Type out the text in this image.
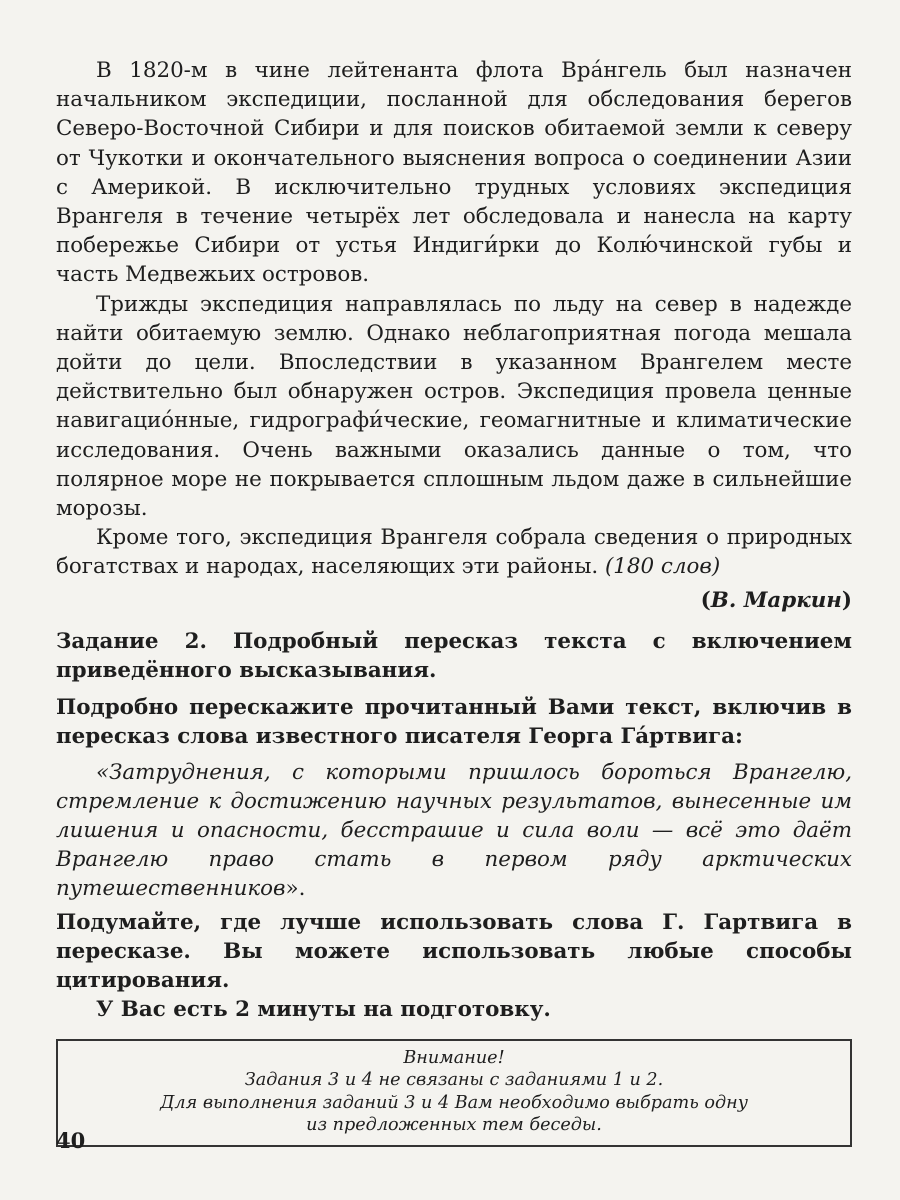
В 1820-м в чине лейтенанта флота Вра́нгель был назначен начальником экспедиции, посланной для обследования берегов Северо-Восточной Сибири и для поисков обитаемой земли к северу от Чукотки и окончательного выяснения вопроса о соединении Азии с Америкой. В исключительно трудных условиях экспедиция Врангеля в течение четырёх лет обследовала и нанесла на карту побережье Сибири от устья Индиги́рки до Колю́чинской губы и часть Медвежьих островов.

Трижды экспедиция направлялась по льду на север в надежде найти обитаемую землю. Однако неблагоприятная погода мешала дойти до цели. Впоследствии в указанном Врангелем месте действительно был обнаружен остров. Экспедиция провела ценные навигацио́нные, гидрографи́ческие, геомагнитные и климатические исследования. Очень важными оказались данные о том, что полярное море не покрывается сплошным льдом даже в сильнейшие морозы.

Кроме того, экспедиция Врангеля собрала сведения о природных богатствах и народах, населяющих эти районы. (180 слов)

(В. Маркин)

Задание 2. Подробный пересказ текста с включением приведённого высказывания.

Подробно перескажите прочитанный Вами текст, включив в пересказ слова известного писателя Георга Га́ртвига:

«Затруднения, с которыми пришлось бороться Врангелю, стремление к достижению научных результатов, вынесенные им лишения и опасности, бесстрашие и сила воли — всё это даёт Врангелю право стать в первом ряду арктических путешественников».

Подумайте, где лучше использовать слова Г. Гартвига в пересказе. Вы можете использовать любые способы цитирования.

У Вас есть 2 минуты на подготовку.

Внимание!
Задания 3 и 4 не связаны с заданиями 1 и 2.
Для выполнения заданий 3 и 4 Вам необходимо выбрать одну
из предложенных тем беседы.
40
